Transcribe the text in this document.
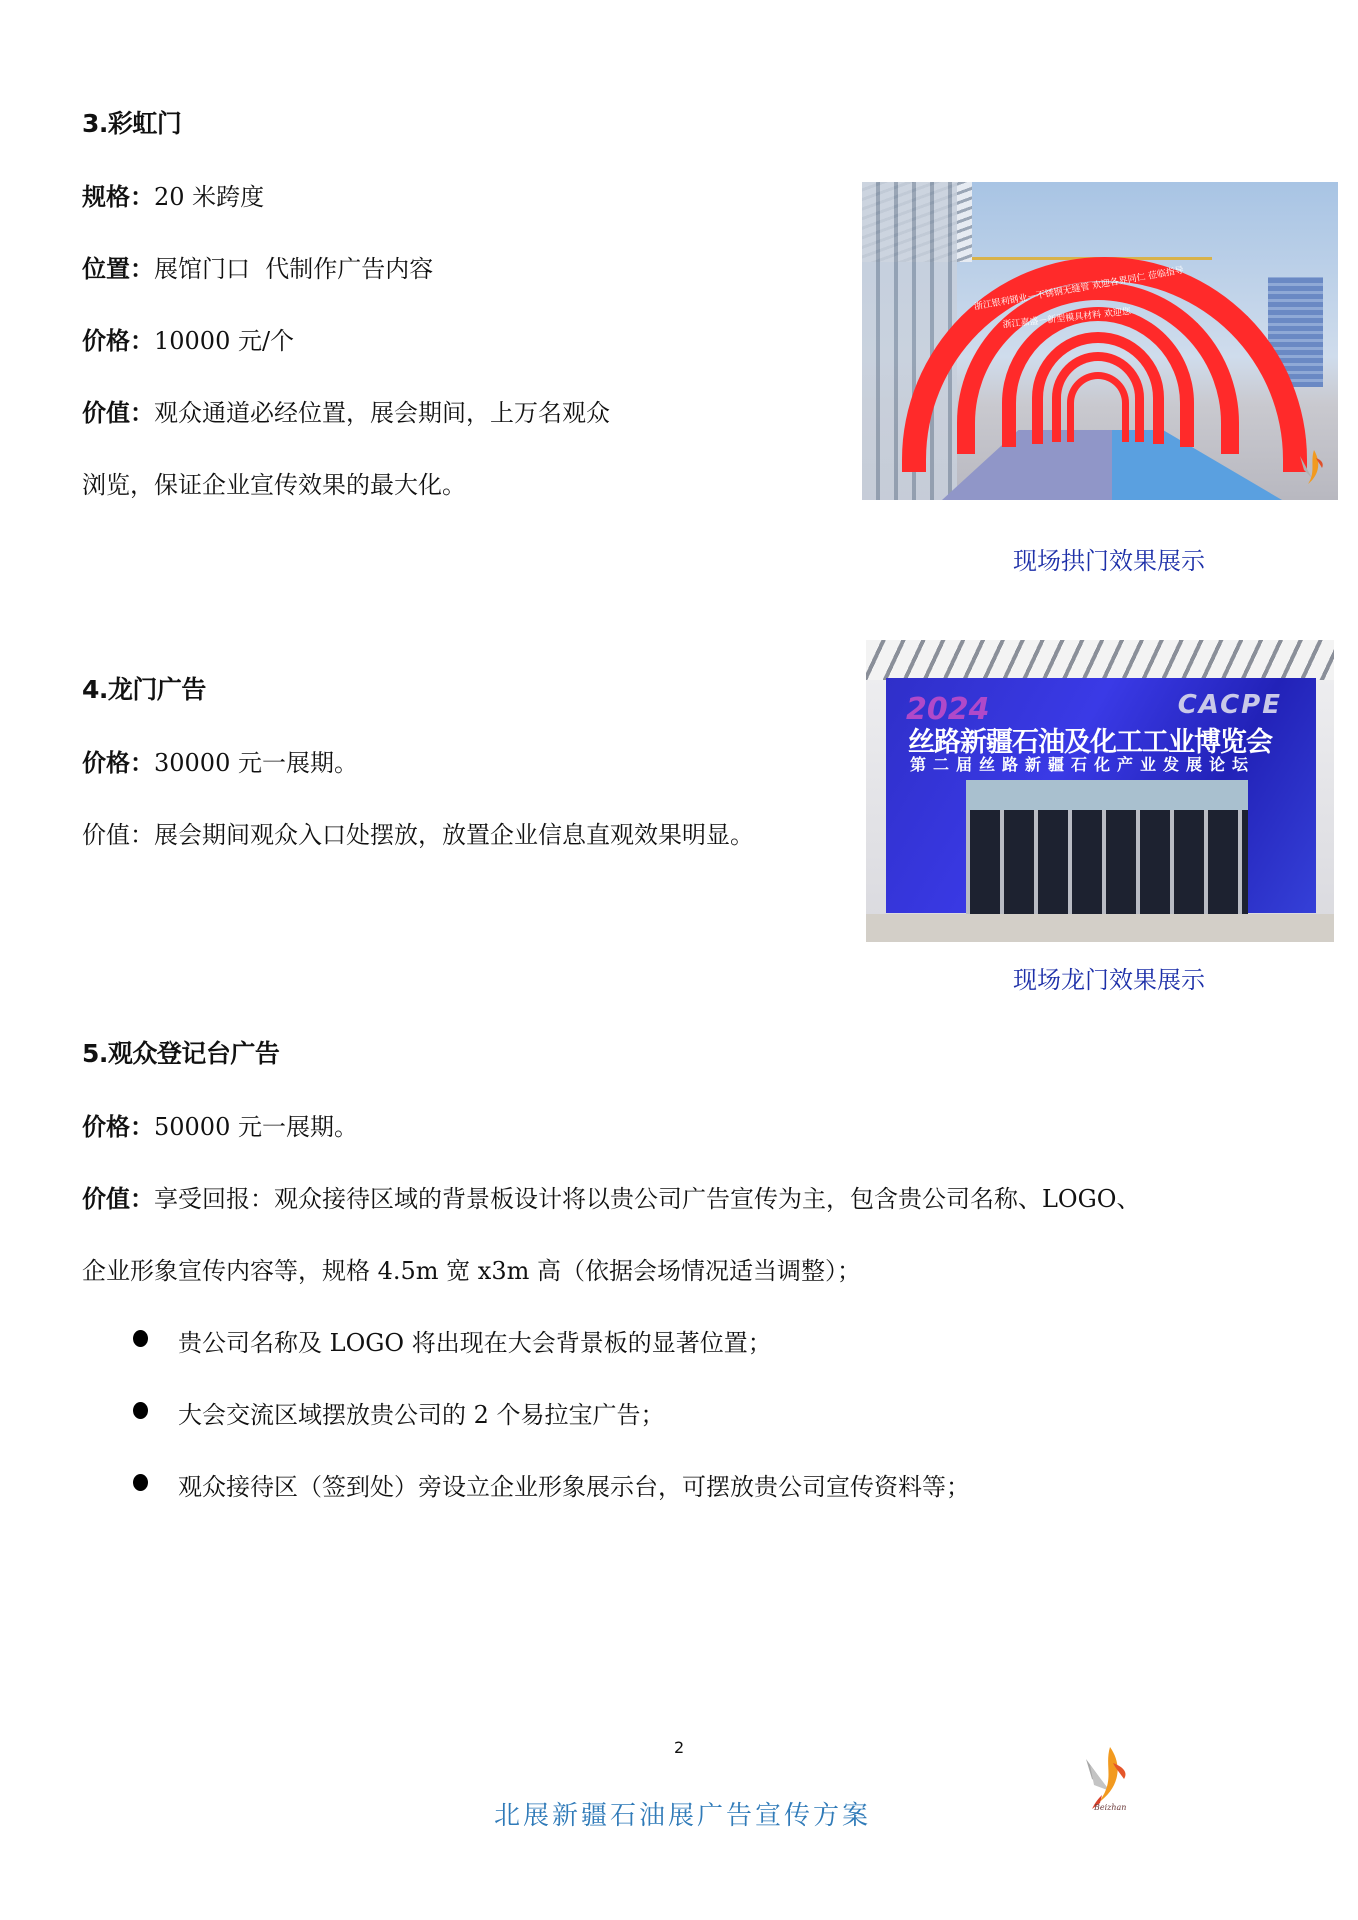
3.彩虹门
规格：20 米跨度
位置：展馆门口  代制作广告内容
价格：10000 元/个
价值：观众通道必经位置，展会期间，上万名观众
浏览，保证企业宣传效果的最大化。
浙江银利钢业－不锈钢无缝管 欢迎各界同仁 莅临指导
浙江嘉盛－新型模具材料 欢迎您
现场拱门效果展示
4.龙门广告
价格：30000 元一展期。
价值：展会期间观众入口处摆放，放置企业信息直观效果明显。
2024	CACPE
丝路新疆石油及化工工业博览会
第二届丝路新疆石化产业发展论坛
现场龙门效果展示
5.观众登记台广告
价格：50000 元一展期。
价值：享受回报：观众接待区域的背景板设计将以贵公司广告宣传为主，包含贵公司名称、LOGO、
企业形象宣传内容等，规格 4.5m 宽 x3m 高（依据会场情况适当调整）；
贵公司名称及 LOGO 将出现在大会背景板的显著位置；
大会交流区域摆放贵公司的 2 个易拉宝广告；
观众接待区（签到处）旁设立企业形象展示台，可摆放贵公司宣传资料等；
2
北展新疆石油展广告宣传方案	Beizhan
